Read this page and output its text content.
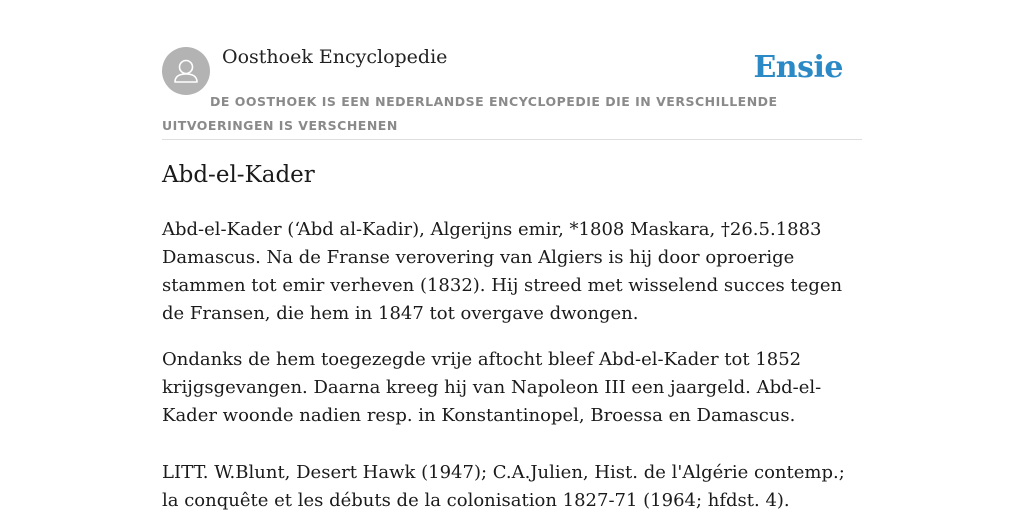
Oosthoek Encyclopedie	Ensie
DE OOSTHOEK IS EEN NEDERLANDSE ENCYCLOPEDIE DIE IN VERSCHILLENDE UITVOERINGEN IS VERSCHENEN
Abd-el-Kader

Abd-el-Kader (‘Abd al-Kadir), Algerijns emir, *1808 Maskara, †26.5.1883 Damascus. Na de Franse verovering van Algiers is hij door oproerige stammen tot emir verheven (1832). Hij streed met wisselend succes tegen de Fransen, die hem in 1847 tot overgave dwongen.

Ondanks de hem toegezegde vrije aftocht bleef Abd-el-Kader tot 1852 krijgsgevangen. Daarna kreeg hij van Napoleon III een jaargeld. Abd-el-Kader woonde nadien resp. in Konstantinopel, Broessa en Damascus.

LITT. W.Blunt, Desert Hawk (1947); C.A.Julien, Hist. de l'Algérie contemp.; la conquête et les débuts de la colonisation 1827-71 (1964; hfdst. 4).
